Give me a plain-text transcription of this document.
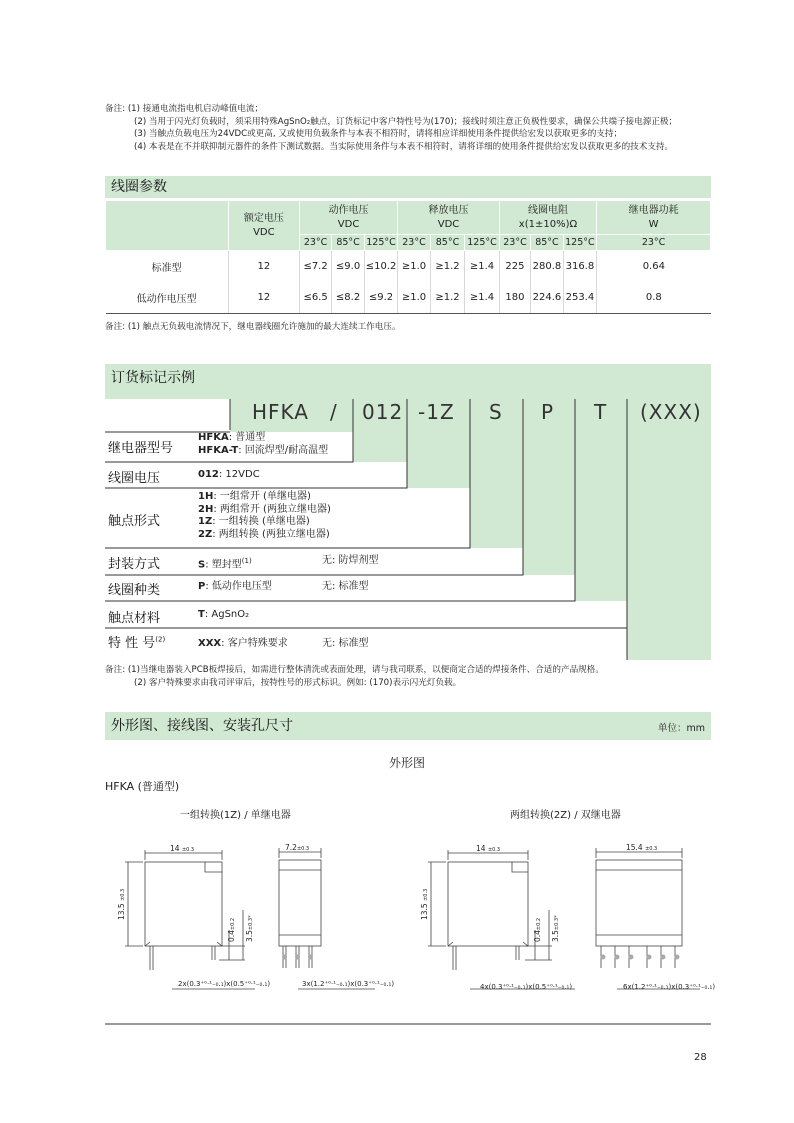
备注: (1) 接通电流指电机启动峰值电流；
(2) 当用于闪光灯负载时，须采用特殊AgSnO₂触点，订货标记中客户特性号为(170)；接线时须注意正负极性要求，确保公共端子接电源正极；
(3) 当触点负载电压为24VDC或更高, 又或使用负载条件与本表不相符时，请将相应详细使用条件提供给宏发以获取更多的支持；
(4) 本表是在不并联抑制元器件的条件下测试数据。当实际使用条件与本表不相符时，请将详细的使用条件提供给宏发以获取更多的技术支持。
线圈参数
	额定电压
VDC	动作电压
VDC			释放电压
VDC			线圈电阻
x(1±10%)Ω			继电器功耗
W
		23°C	85°C	125°C	23°C	85°C	125°C	23°C	85°C	125°C	23°C
标准型	12	≤7.2	≤9.0	≤10.2	≥1.0	≥1.2	≥1.4	225	280.8	316.8	0.64
低动作电压型	12	≤6.5	≤8.2	≤9.2	≥1.0	≥1.2	≥1.4	180	224.6	253.4	0.8
备注: (1) 触点无负载电流情况下，继电器线圈允许施加的最大连续工作电压。
订货标记示例
HFKA / 012 -1Z S P T (XXX)
继电器型号
线圈电压
触点形式
封装方式
线圈种类
触点材料
特 性 号$^{(2)}$
HFKA: 普通型
HFKA-T: 回流焊型/耐高温型
012: 12VDC
1H: 一组常开 (单继电器)
2H: 两组常开 (两独立继电器)
1Z: 一组转换 (单继电器)
2Z: 两组转换 (两独立继电器)
S: 塑封型$^{(1)}$	无: 防焊剂型
P: 低动作电压型	无: 标准型
T: AgSnO₂
XXX: 客户特殊要求	无: 标准型
备注: (1)当继电器装入PCB板焊接后，如需进行整体清洗或表面处理，请与我司联系，以便商定合适的焊接条件、合适的产品规格。
(2) 客户特殊要求由我司评审后，按特性号的形式标识。例如: (170)表示闪光灯负载。
外形图、接线图、安装孔尺寸	单位：mm
外形图
HFKA (普通型)
一组转换(1Z) / 单继电器	两组转换(2Z) / 双继电器
14 ±0.3	7.2±0.3	14 ±0.3	15.4 ±0.3
13.5 ±0.3
13.5 ±0.3
0.4±0.2
3.5±0.3*
0.4±0.2
3.5±0.3*
2x(0.3⁺⁰·¹₋₀.₁)x(0.5⁺⁰·¹₋₀.₁)	3x(1.2⁺⁰·¹₋₀.₁)x(0.3⁺⁰·¹₋₀.₁)	4x(0.3⁺⁰·¹₋₀.₁)x(0.5⁺⁰·¹₋₀.₁)	6x(1.2⁺⁰·¹₋₀.₁)x(0.3⁺⁰·¹₋₀.₁)
28
